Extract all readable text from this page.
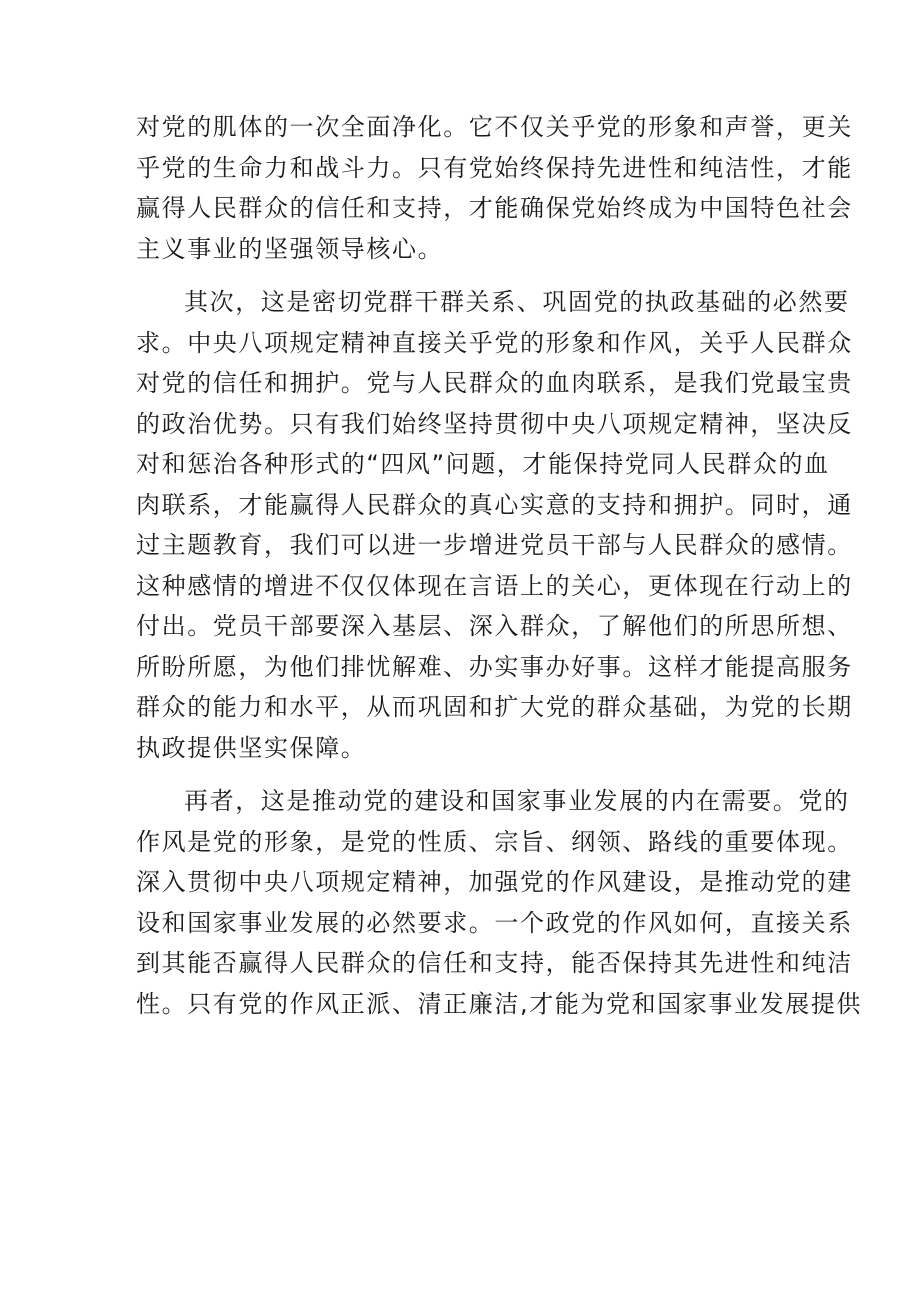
对党的肌体的一次全面净化。它不仅关乎党的形象和声誉，更关
乎党的生命力和战斗力。只有党始终保持先进性和纯洁性，才能
赢得人民群众的信任和支持，才能确保党始终成为中国特色社会
主义事业的坚强领导核心。
其次，这是密切党群干群关系、巩固党的执政基础的必然要
求。中央八项规定精神直接关乎党的形象和作风，关乎人民群众
对党的信任和拥护。党与人民群众的血肉联系，是我们党最宝贵
的政治优势。只有我们始终坚持贯彻中央八项规定精神，坚决反
对和惩治各种形式的“四风”问题，才能保持党同人民群众的血
肉联系，才能赢得人民群众的真心实意的支持和拥护。同时，通
过主题教育，我们可以进一步增进党员干部与人民群众的感情。
这种感情的增进不仅仅体现在言语上的关心，更体现在行动上的
付出。党员干部要深入基层、深入群众，了解他们的所思所想、
所盼所愿，为他们排忧解难、办实事办好事。这样才能提高服务
群众的能力和水平，从而巩固和扩大党的群众基础，为党的长期
执政提供坚实保障。
再者，这是推动党的建设和国家事业发展的内在需要。党的
作风是党的形象，是党的性质、宗旨、纲领、路线的重要体现。
深入贯彻中央八项规定精神，加强党的作风建设，是推动党的建
设和国家事业发展的必然要求。一个政党的作风如何，直接关系
到其能否赢得人民群众的信任和支持，能否保持其先进性和纯洁
性。只有党的作风正派、清正廉洁,才能为党和国家事业发展提供
